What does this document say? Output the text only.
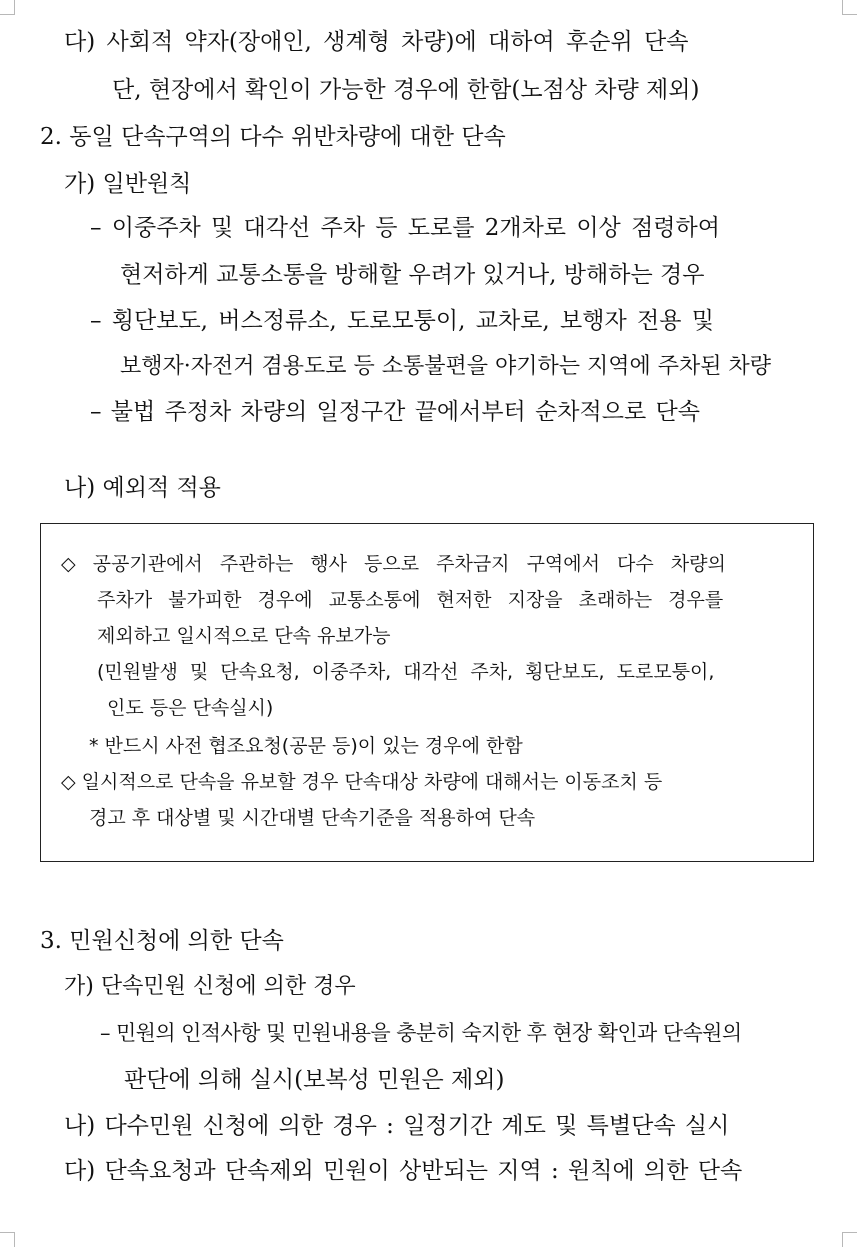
다) 사회적 약자(장애인, 생계형 차량)에 대하여 후순위 단속
단, 현장에서 확인이 가능한 경우에 한함(노점상 차량 제외)
2. 동일 단속구역의 다수 위반차량에 대한 단속
가) 일반원칙
– 이중주차 및 대각선 주차 등 도로를 2개차로 이상 점령하여
현저하게 교통소통을 방해할 우려가 있거나, 방해하는 경우
– 횡단보도, 버스정류소, 도로모퉁이, 교차로, 보행자 전용 및
보행자·자전거 겸용도로 등 소통불편을 야기하는 지역에 주차된 차량
– 불법 주정차 차량의 일정구간 끝에서부터 순차적으로 단속
나) 예외적 적용
◇ 공공기관에서 주관하는 행사 등으로 주차금지 구역에서 다수 차량의
주차가 불가피한 경우에 교통소통에 현저한 지장을 초래하는 경우를
제외하고 일시적으로 단속 유보가능
(민원발생 및 단속요청, 이중주차, 대각선 주차, 횡단보도, 도로모퉁이,
인도 등은 단속실시)
* 반드시 사전 협조요청(공문 등)이 있는 경우에 한함
◇ 일시적으로 단속을 유보할 경우 단속대상 차량에 대해서는 이동조치 등
경고 후 대상별 및 시간대별 단속기준을 적용하여 단속
3. 민원신청에 의한 단속
가) 단속민원 신청에 의한 경우
– 민원의 인적사항 및 민원내용을 충분히 숙지한 후 현장 확인과 단속원의
판단에 의해 실시(보복성 민원은 제외)
나) 다수민원 신청에 의한 경우 : 일정기간 계도 및 특별단속 실시
다) 단속요청과 단속제외 민원이 상반되는 지역 : 원칙에 의한 단속
